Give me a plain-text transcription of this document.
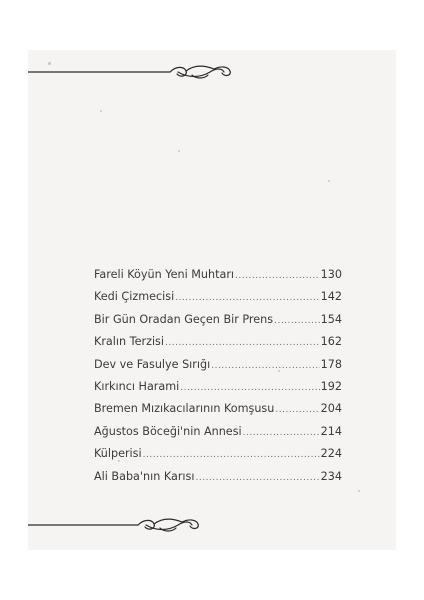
Fareli Köyün Yeni Muhtarı .....	130
Kedi Çizmecisi .....	142
Bir Gün Oradan Geçen Bir Prens .....	154
Kralın Terzisi .....	162
Dev ve Fasulye Sırığı .....	178
Kırkıncı Harami .....	192
Bremen Mızıkacılarının Komşusu .....	204
Ağustos Böceği'nin Annesi .....	214
Külperisi .....	224
Ali Baba'nın Karısı .....	234
